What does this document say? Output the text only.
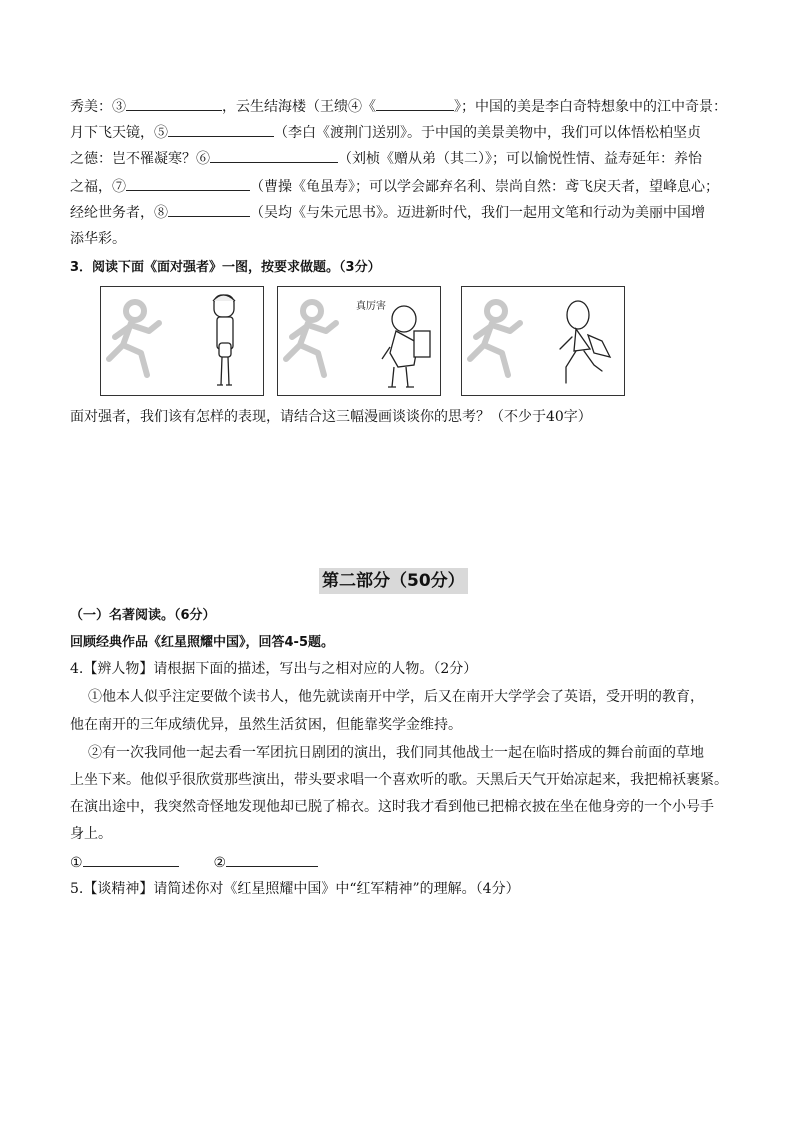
秀美：③	，云生结海楼（王缋④《	》；中国的美是李白奇特想象中的江中奇景：
月下飞天镜，⑤	（李白《渡荆门送别》。于中国的美景美物中，我们可以体悟松柏坚贞
之德：岂不罹凝寒？⑥	（刘桢《赠从弟（其二）》；可以愉悦性情、益寿延年：养怡
之福，⑦	（曹操《龟虽寿》；可以学会鄙弃名利、崇尚自然：鸢飞戾天者，望峰息心；
经纶世务者，⑧	（吴均《与朱元思书》。迈进新时代，我们一起用文笔和行动为美丽中国增
添华彩。
3．阅读下面《面对强者》一图，按要求做题。（3分）
真厉害
面对强者，我们该有怎样的表现，请结合这三幅漫画谈谈你的思考？（不少于40字）
第二部分（50分）
（一）名著阅读。（6分）
回顾经典作品《红星照耀中国》，回答4-5题。
4.【辨人物】请根据下面的描述，写出与之相对应的人物。（2分）
①他本人似乎注定要做个读书人，他先就读南开中学，后又在南开大学学会了英语，受开明的教育，
他在南开的三年成绩优异，虽然生活贫困，但能靠奖学金维持。
②有一次我同他一起去看一军团抗日剧团的演出，我们同其他战士一起在临时搭成的舞台前面的草地
上坐下来。他似乎很欣赏那些演出，带头要求唱一个喜欢听的歌。天黑后天气开始凉起来，我把棉袄裹紧。
在演出途中，我突然奇怪地发现他却已脱了棉衣。这时我才看到他已把棉衣披在坐在他身旁的一个小号手
身上。
①	②
5.【谈精神】请简述你对《红星照耀中国》中“红军精神”的理解。（4分）
